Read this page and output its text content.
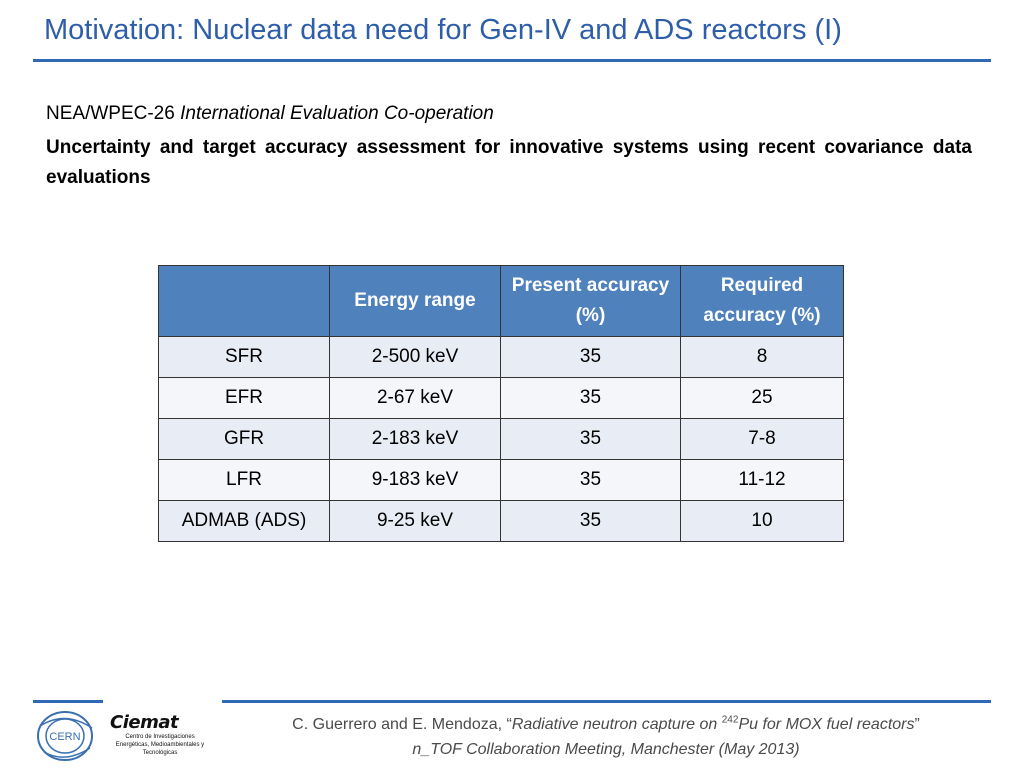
Motivation: Nuclear data need for Gen-IV and ADS reactors (I)
NEA/WPEC-26 International Evaluation Co-operation
Uncertainty and target accuracy assessment for innovative systems using recent covariance data evaluations
	Energy range	Present accuracy (%)	Required accuracy (%)
SFR	2-500 keV	35	8
EFR	2-67 keV	35	25
GFR	2-183 keV	35	7-8
LFR	9-183 keV	35	11-12
ADMAB (ADS)	9-25 keV	35	10
CERN
Ciemat
Centro de Investigaciones Energéticas, Medioambientales y Tecnológicas
C. Guerrero and E. Mendoza, “Radiative neutron capture on $^{242}$Pu for MOX fuel reactors”
n_TOF Collaboration Meeting, Manchester (May 2013)
